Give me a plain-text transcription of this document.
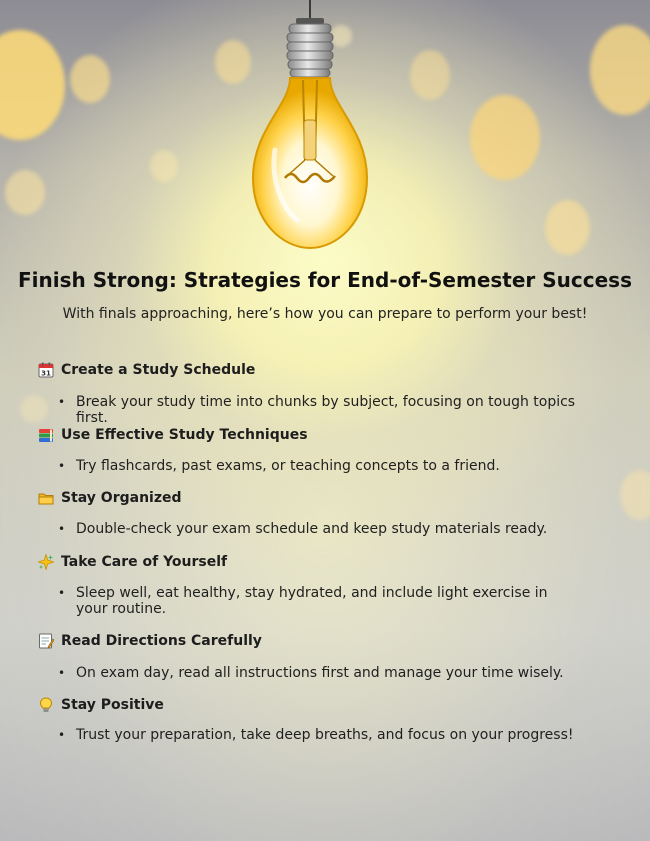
Finish Strong: Strategies for End-of-Semester Success

With finals approaching, here’s how you can prepare to perform your best!

31 Create a Study Schedule
• Break your study time into chunks by subject, focusing on tough topics first.
Use Effective Study Techniques
• Try flashcards, past exams, or teaching concepts to a friend.
Stay Organized
• Double-check your exam schedule and keep study materials ready.
Take Care of Yourself
• Sleep well, eat healthy, stay hydrated, and include light exercise in your routine.
Read Directions Carefully
• On exam day, read all instructions first and manage your time wisely.
Stay Positive
• Trust your preparation, take deep breaths, and focus on your progress!
